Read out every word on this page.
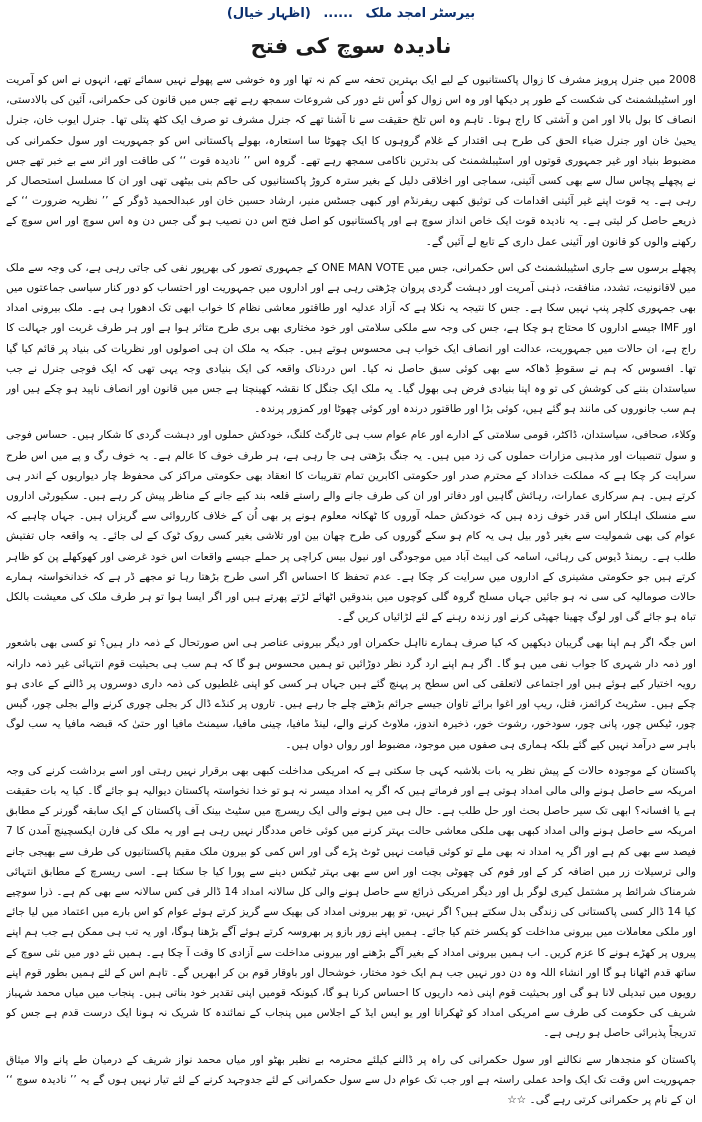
بیرسٹر امجد ملک ...... (اظہار خیال)
نادیدہ سوچ کی فتح

2008 میں جنرل پرویز مشرف کا زوال پاکستانیوں کے لیے ایک بہترین تحفہ سے کم نہ تھا اور وہ خوشی سے پھولے نہیں سمائے تھے، انہوں نے اس کو آمریت اور اسٹیبلشمنٹ کی شکست کے طور پر دیکھا اور وہ اس زوال کو اُس نئے دور کی شروعات سمجھ رہے تھے جس میں قانون کی حکمرانی، آئین کی بالادستی، انصاف کا بول بالا اور امن و آشتی کا راج ہوتا۔ تاہم وہ اس تلخ حقیقت سے نا آشنا تھے کہ جنرل مشرف تو صرف ایک کٹھ پتلی تھا۔ جنرل ایوب خان، جنرل یحییٰ خان اور جنرل ضیاء الحق کی طرح ہی اقتدار کے غلام گروہوں کا ایک چھوٹا سا استعارہ، بھولے پاکستانی اس کو جمہوریت اور سول حکمرانی کی مضبوط بنیاد اور غیر جمہوری قوتوں اور اسٹیبلشمنٹ کی بدترین ناکامی سمجھ رہے تھے۔ گروہ اس ’’ نادیدہ قوت ‘‘ کی طاقت اور اثر سے بے خبر تھے جس نے پچھلے پچاس سال سے بھی کسی آئینی، سماجی اور اخلاقی دلیل کے بغیر سترہ کروڑ پاکستانیوں کی حاکم بنی بیٹھی تھی اور ان کا مسلسل استحصال کر رہی ہے۔ یہ قوت اپنے غیر آئینی اقدامات کی توثیق کبھی ریفرنڈم اور کبھی جسٹس منیر، ارشاد حسین خان اور عبدالحمید ڈوگر کے ’’ نظریہ ضرورت ‘‘ کے ذریعے حاصل کر لیتی ہے۔ یہ نادیدہ قوت ایک خاص انداز سوچ ہے اور پاکستانیوں کو اصل فتح اس دن نصیب ہو گی جس دن وہ اس سوچ اور اس سوچ کے رکھنے والوں کو قانون اور آئینی عمل داری کے تابع لے آئیں گے۔

پچھلے برسوں سے جاری اسٹیبلشمنٹ کی اس حکمرانی، جس میں ONE MAN VOTE کے جمہوری تصور کی بھرپور نفی کی جاتی رہی ہے، کی وجہ سے ملک میں لاقانونیت، تشدد، منافقت، ذہنی آمریت اور دہشت گردی پروان چڑھتی رہی ہے اور اداروں میں جمہوریت اور احتساب کو دور کنار سیاسی جماعتوں میں بھی جمہوری کلچر پنپ نہیں سکا ہے۔ جس کا نتیجہ یہ نکلا ہے کہ آزاد عدلیہ اور طاقتور معاشی نظام کا خواب ابھی تک ادھورا ہی ہے۔ ملک بیرونی امداد اور IMF جیسے اداروں کا محتاج ہو چکا ہے، جس کی وجہ سے ملکی سلامتی اور خود مختاری بھی بری طرح متاثر ہوا ہے اور ہر طرف غربت اور جہالت کا راج ہے، ان حالات میں جمہوریت، عدالت اور انصاف ایک خواب ہی محسوس ہوتے ہیں۔ جبکہ یہ ملک ان ہی اصولوں اور نظریات کی بنیاد پر قائم کیا گیا تھا۔ افسوس کہ ہم نے سقوطِ ڈھاکہ سے بھی کوئی سبق حاصل نہ کیا۔ اس دردناک واقعہ کی ایک بنیادی وجہ یہی تھی کہ ایک فوجی جنرل نے جب سیاستدان بننے کی کوشش کی تو وہ اپنا بنیادی فرض ہی بھول گیا۔ یہ ملک ایک جنگل کا نقشہ کھینچتا ہے جس میں قانون اور انصاف ناپید ہو چکے ہیں اور ہم سب جانوروں کی مانند ہو گئے ہیں، کوئی بڑا اور طاقتور درندہ اور کوئی چھوٹا اور کمزور پرندہ۔

وکلاء، صحافی، سیاستدان، ڈاکٹر، قومی سلامتی کے ادارے اور عام عوام سب ہی ٹارگٹ کلنگ، خودکش حملوں اور دہشت گردی کا شکار ہیں۔ حساس فوجی و سول تنصیبات اور مذہبی مزارات حملوں کی زد میں ہیں۔ یہ جنگ بڑھتی ہی جا رہی ہے، ہر طرف خوف کا عالم ہے۔ یہ خوف رگ و پے میں اس طرح سرایت کر چکا ہے کہ مملکت خداداد کے محترم صدر اور حکومتی اکابرین تمام تقریبات کا انعقاد بھی حکومتی مراکز کی محفوظ چار دیواریوں کے اندر ہی کرتے ہیں۔ ہم سرکاری عمارات، رہائش گاہیں اور دفاتر اور ان کی طرف جانے والے راستے قلعہ بند کیے جانے کے مناظر پیش کر رہے ہیں۔ سکیورٹی اداروں سے منسلک اہلکار اس قدر خوف زدہ ہیں کہ خودکش حملہ آوروں کا ٹھکانہ معلوم ہونے پر بھی اُن کے خلاف کارروائی سے گریزاں ہیں۔ جہاں چاہیے کہ عوام کی بھی شمولیت سے بغیر ڈور بیل ہی یہ کام ہو سکے گوروں کی طرح چھان بین اور تلاشی بغیر کسی روک ٹوک کے لی جائے۔ یہ واقعہ جاں تفتیش طلب ہے۔ ریمنڈ ڈیوس کی رہائی، اسامہ کی ایبٹ آباد میں موجودگی اور نیول بیس کراچی پر حملے جیسے واقعات اس خود غرضی اور کھوکھلے پن کو ظاہر کرتے ہیں جو حکومتی مشینری کے اداروں میں سرایت کر چکا ہے۔ عدم تحفظ کا احساس اگر اسی طرح بڑھتا رہا تو مجھے ڈر ہے کہ خدانخواستہ ہمارے حالات صومالیہ کی سی نہ ہو جائیں جہاں مسلح گروہ گلی کوچوں میں بندوقیں اٹھائے لڑتے پھرتے ہیں اور اگر ایسا ہوا تو ہر طرف ملک کی معیشت بالکل تباہ ہو جائے گی اور لوگ چھینا جھپٹی کرنے اور زندہ رہنے کے لئے لڑائیاں کریں گے۔

اس جگہ اگر ہم اپنا بھی گریبان دیکھیں کہ کیا صرف ہمارے نااہل حکمران اور دیگر بیرونی عناصر ہی اس صورتحال کے ذمہ دار ہیں؟ تو کسی بھی باشعور اور ذمہ دار شہری کا جواب نفی میں ہو گا۔ اگر ہم اپنے ارد گرد نظر دوڑائیں تو ہمیں محسوس ہو گا کہ ہم سب ہی بحیثیت قوم انتہائی غیر ذمہ دارانہ رویہ اختیار کیے ہوئے ہیں اور اجتماعی لاتعلقی کی اس سطح پر پہنچ گئے ہیں جہاں ہر کسی کو اپنی غلطیوں کی ذمہ داری دوسروں پر ڈالنے کے عادی ہو چکے ہیں۔ سٹریٹ کرائمز، قتل، ریپ اور اغوا برائے تاوان جیسے جرائم بڑھتے چلے جا رہے ہیں۔ تاروں پر کنڈے ڈال کر بجلی چوری کرنے والے بجلی چور، گیس چور، ٹیکس چور، پانی چور، سودخور، رشوت خور، ذخیرہ اندوز، ملاوٹ کرنے والے، لینڈ مافیا، چینی مافیا، سیمنٹ مافیا اور حتیٰ کہ قبضہ مافیا یہ سب لوگ باہر سے درآمد نہیں کیے گئے بلکہ ہماری ہی صفوں میں موجود، مضبوط اور رواں دواں ہیں۔

پاکستان کے موجودہ حالات کے پیش نظر یہ بات بلاشبہ کہی جا سکتی ہے کہ امریکی مداخلت کبھی بھی برقرار نہیں رہتی اور اسے برداشت کرنے کی وجہ امریکہ سے حاصل ہونے والی مالی امداد ہوتی ہے اور فرماتے ہیں کہ اگر یہ امداد میسر نہ ہو تو خدا نخواستہ پاکستان دیوالیہ ہو جائے گا۔ کیا یہ بات حقیقت ہے یا افسانہ؟ ابھی تک سیر حاصل بحث اور حل طلب ہے۔ حال ہی میں ہونے والی ایک ریسرچ میں سٹیٹ بینک آف پاکستان کے ایک سابقہ گورنر کے مطابق امریکہ سے حاصل ہونے والی امداد کبھی بھی ملکی معاشی حالت بہتر کرنے میں کوئی خاص مددگار نہیں رہی ہے اور یہ ملک کی فارن ایکسچینج آمدن کا 7 فیصد سے بھی کم ہے اور اگر یہ امداد نہ بھی ملے تو کوئی قیامت نہیں ٹوٹ پڑے گی اور اس کمی کو بیرون ملک مقیم پاکستانیوں کی طرف سے بھیجی جانے والی ترسیلات زر میں اضافہ کر کے اور قوم کی چھوٹی بچت اور اس سے بھی بہتر ٹیکس دینے سے پورا کیا جا سکتا ہے۔ اسی ریسرچ کے مطابق انتہائی شرمناک شرائط پر مشتمل کیری لوگر بل اور دیگر امریکی ذرائع سے حاصل ہونے والی کل سالانہ امداد 14 ڈالر فی کس سالانہ سے بھی کم ہے۔ ذرا سوچیے کیا 14 ڈالر کسی پاکستانی کی زندگی بدل سکتے ہیں؟ اگر نہیں، تو پھر بیرونی امداد کی بھیک سے گریز کرتے ہوئے عوام کو اس بارے میں اعتماد میں لیا جائے اور ملکی معاملات میں بیرونی مداخلت کو یکسر ختم کیا جائے۔ ہمیں اپنے زور بازو پر بھروسہ کرتے ہوئے آگے بڑھنا ہوگا، اور یہ تب ہی ممکن ہے جب ہم اپنے پیروں پر کھڑے ہونے کا عزم کریں۔ اب ہمیں بیرونی امداد کے بغیر آگے بڑھنے اور بیرونی مداخلت سے آزادی کا وقت آ چکا ہے۔ ہمیں نئے دور میں نئی سوچ کے ساتھ قدم اٹھانا ہو گا اور انشاء اللہ وہ دن دور نہیں جب ہم ایک خود مختار، خوشحال اور باوقار قوم بن کر ابھریں گے۔ تاہم اس کے لئے ہمیں بطور قوم اپنے رویوں میں تبدیلی لانا ہو گی اور بحیثیت قوم اپنی ذمہ داریوں کا احساس کرنا ہو گا، کیونکہ قومیں اپنی تقدیر خود بناتی ہیں۔ پنجاب میں میاں محمد شہباز شریف کی حکومت کی طرف سے امریکی امداد کو ٹھکرانا اور یو ایس ایڈ کے اجلاس میں پنجاب کے نمائندہ کا شریک نہ ہونا ایک درست قدم ہے جس کو تدریجاً پذیرائی حاصل ہو رہی ہے۔

پاکستان کو منجدھار سے نکالنے اور سول حکمرانی کی راہ پر ڈالنے کیلئے محترمہ بے نظیر بھٹو اور میاں محمد نواز شریف کے درمیان طے پانے والا میثاق جمہوریت اس وقت تک ایک واحد عملی راستہ ہے اور جب تک عوام دل سے سول حکمرانی کے لئے جدوجہد کرنے کے لئے تیار نہیں ہوں گے یہ ’’ نادیدہ سوچ ‘‘ ان کے نام پر حکمرانی کرتی رہے گی۔ ☆☆
